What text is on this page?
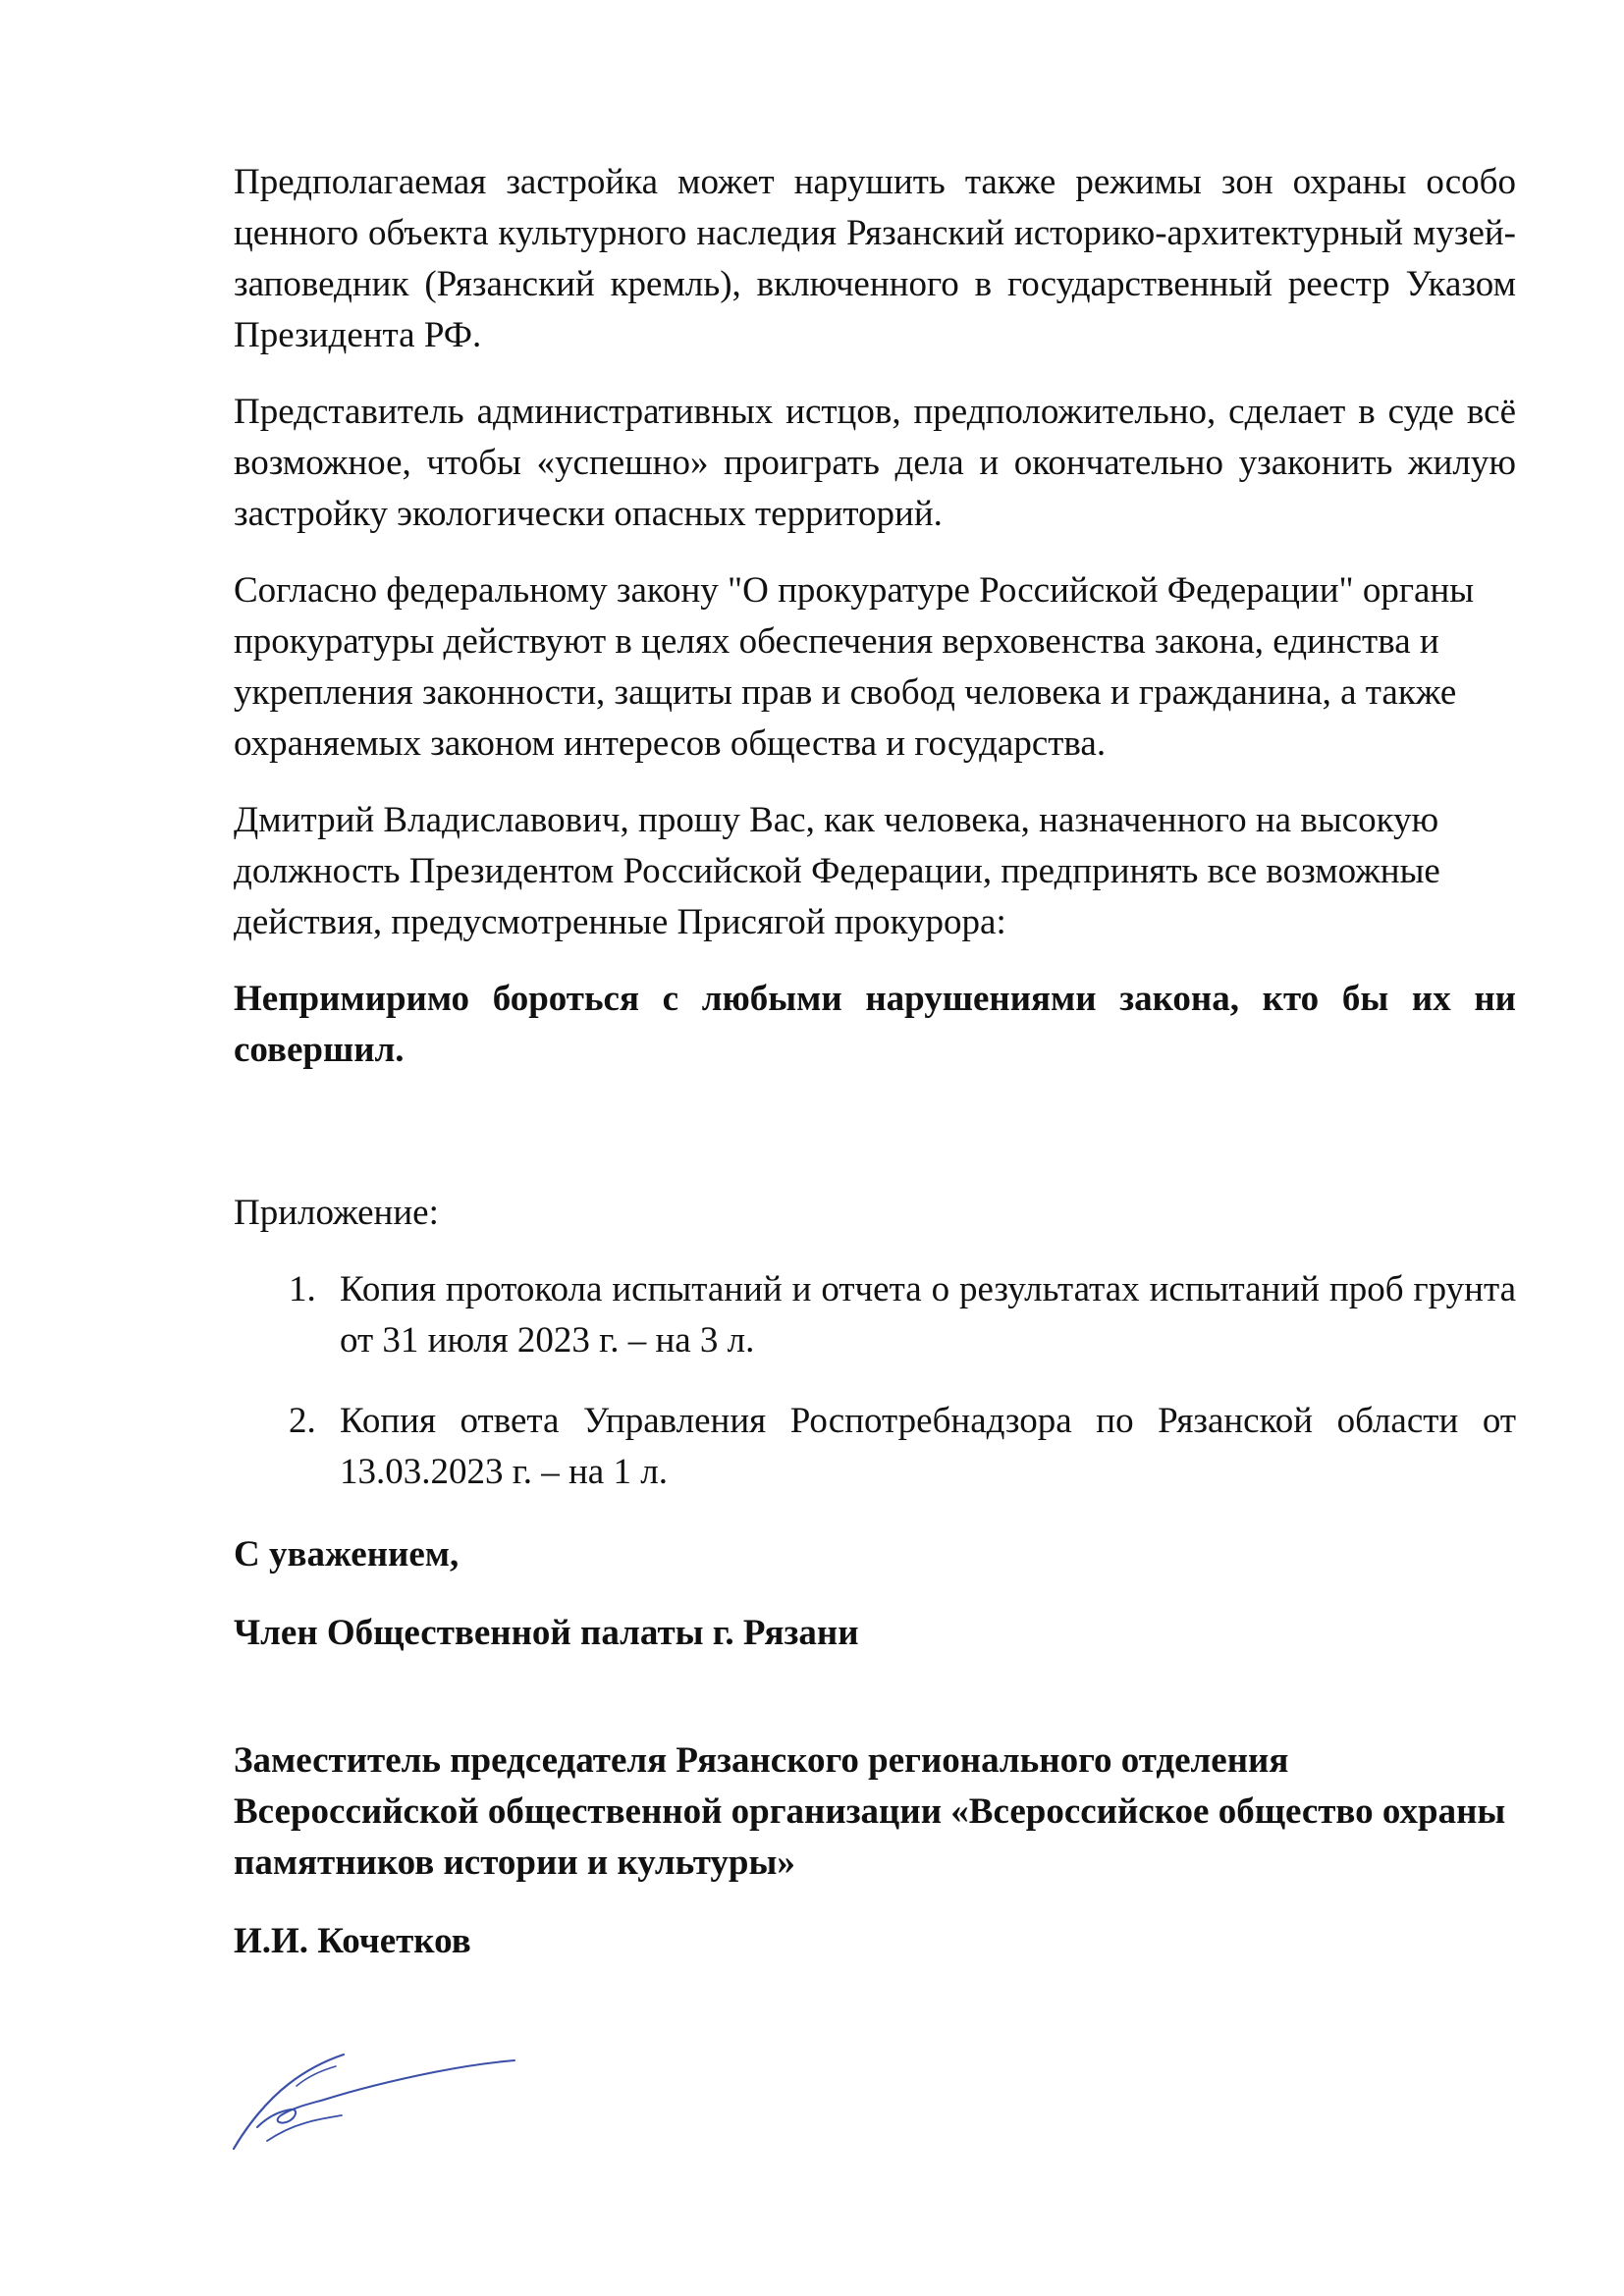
Предполагаемая застройка может нарушить также режимы зон охраны особо ценного объекта культурного наследия Рязанский историко-архитектурный музей-заповедник (Рязанский кремль), включенного в государственный реестр Указом Президента РФ.

Представитель административных истцов, предположительно, сделает в суде всё возможное, чтобы «успешно» проиграть дела и окончательно узаконить жилую застройку экологически опасных территорий.

Согласно федеральному закону "О прокуратуре Российской Федерации" органы прокуратуры действуют в целях обеспечения верховенства закона, единства и укрепления законности, защиты прав и свобод человека и гражданина, а также охраняемых законом интересов общества и государства.

Дмитрий Владиславович, прошу Вас, как человека, назначенного на высокую должность Президентом Российской Федерации, предпринять все возможные действия, предусмотренные Присягой прокурора:

Непримиримо бороться с любыми нарушениями закона, кто бы их ни совершил.

Приложение:

1. Копия протокола испытаний и отчета о результатах испытаний проб грунта от 31 июля 2023 г. – на 3 л.
2. Копия ответа Управления Роспотребнадзора по Рязанской области от 13.03.2023 г. – на 1 л.

С уважением,

Член Общественной палаты г. Рязани

Заместитель председателя Рязанского регионального отделения Всероссийской общественной организации «Всероссийское общество охраны памятников истории и культуры»

И.И. Кочетков
